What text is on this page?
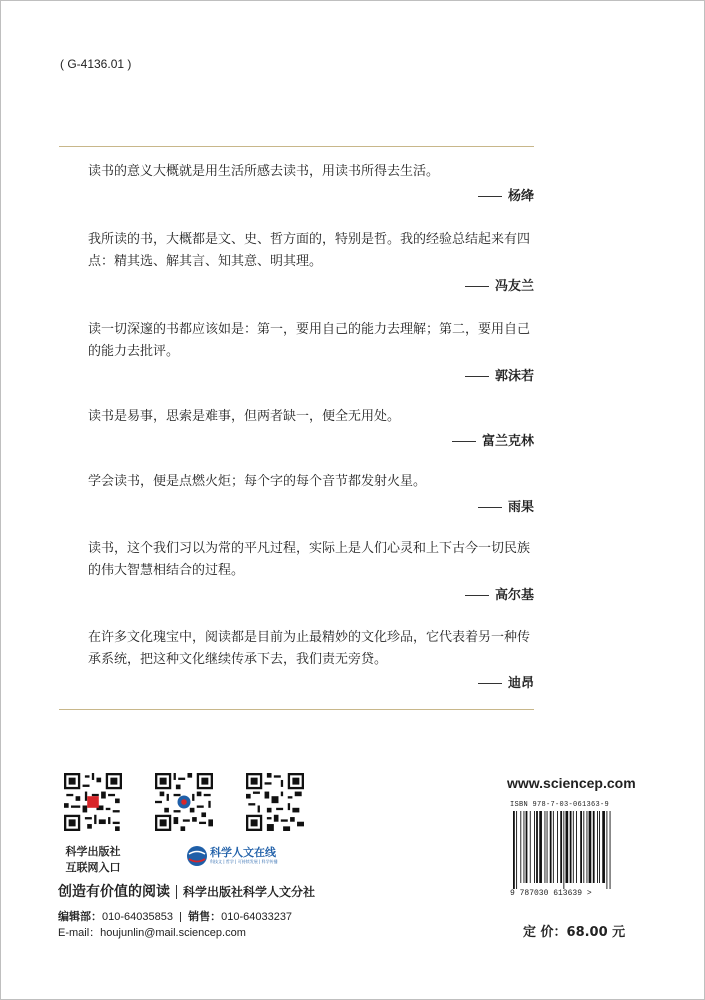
( G-4136.01 )

读书的意义大概就是用生活所感去读书，用读书所得去生活。

杨绛

我所读的书，大概都是文、史、哲方面的，特别是哲。我的经验总结起来有四点：精其选、解其言、知其意、明其理。

冯友兰

读一切深邃的书都应该如是：第一，要用自己的能力去理解；第二，要用自己的能力去批评。

郭沫若

读书是易事，思索是难事，但两者缺一，便全无用处。

富兰克林

学会读书，便是点燃火炬；每个字的每个音节都发射火星。

雨果

读书，这个我们习以为常的平凡过程，实际上是人们心灵和上下古今一切民族的伟大智慧相结合的过程。

高尔基

在许多文化瑰宝中，阅读都是目前为止最精妙的文化珍品，它代表着另一种传承系统，把这种文化继续传承下去，我们责无旁贷。

迪昂
科学出版社
互联网入口
科学人文在线
科技文 | 哲学 | 可持续发展 | 科学传播
创造有价值的阅读 科学出版社科学人文分社
编辑部：010-64035853 销售：010-64033237
E-mail：houjunlin@mail.sciencep.com
www.sciencep.com
ISBN 978-7-03-061363-9
9 787030 613639 >
定 价：68.00 元
